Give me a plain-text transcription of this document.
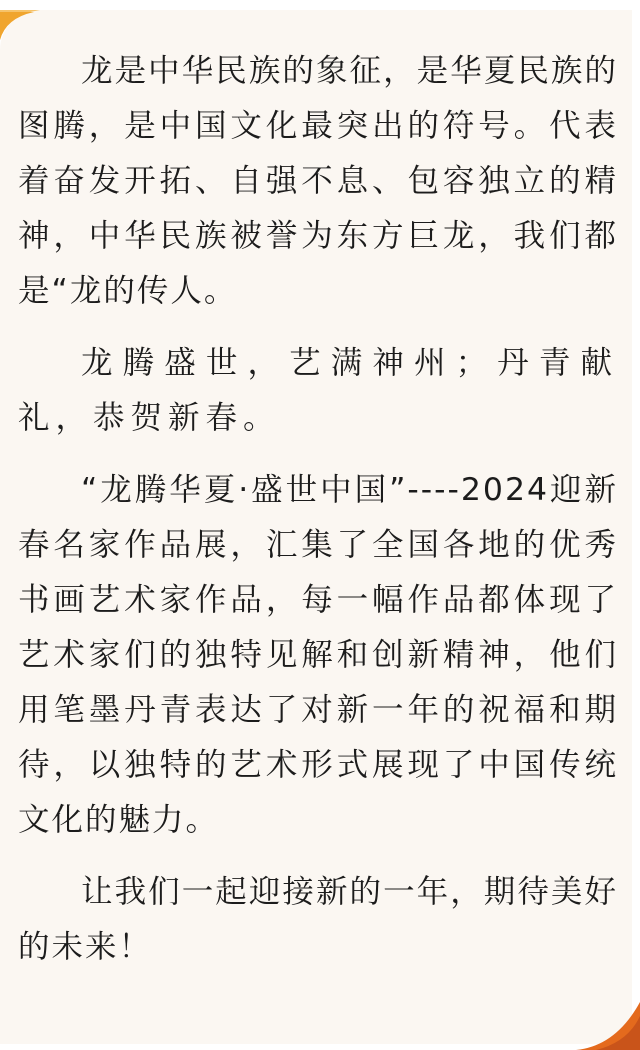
龙是中华民族的象征，是华夏民族的图腾，是中国文化最突出的符号。代表着奋发开拓、自强不息、包容独立的精神，中华民族被誉为东方巨龙，我们都是“龙的传人。

龙腾盛世，艺满神州；丹青献礼，恭贺新春。

“龙腾华夏·盛世中国”----2024迎新春名家作品展，汇集了全国各地的优秀书画艺术家作品，每一幅作品都体现了艺术家们的独特见解和创新精神，他们用笔墨丹青表达了对新一年的祝福和期待，以独特的艺术形式展现了中国传统文化的魅力。

让我们一起迎接新的一年，期待美好的未来！
